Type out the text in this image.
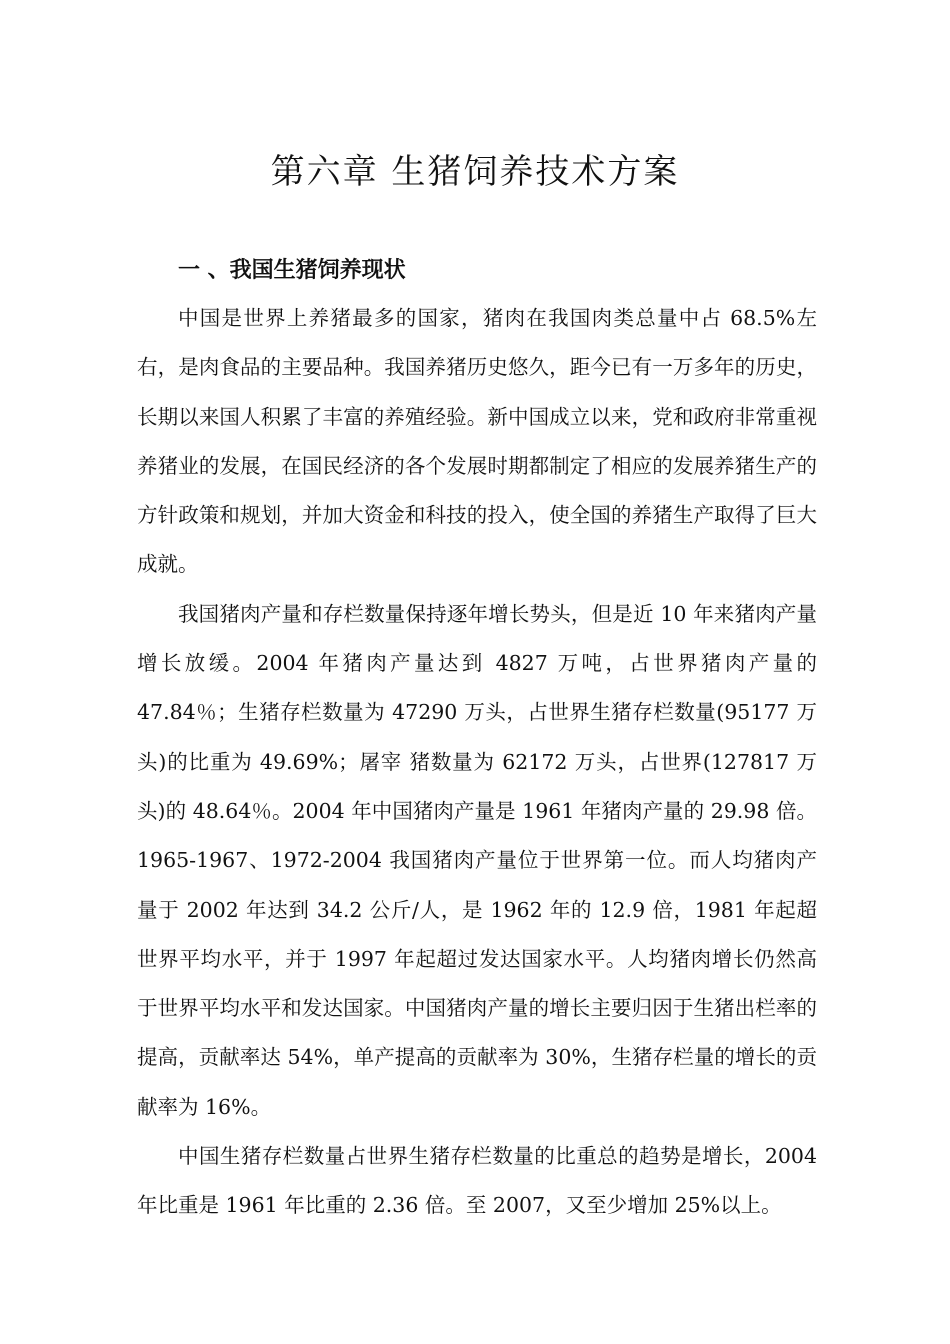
第六章 生猪饲养技术方案
一 、我国生猪饲养现状

中国是世界上养猪最多的国家，猪肉在我国肉类总量中占 68.5%左右，是肉食品的主要品种。我国养猪历史悠久，距今已有一万多年的历史，长期以来国人积累了丰富的养殖经验。新中国成立以来，党和政府非常重视养猪业的发展，在国民经济的各个发展时期都制定了相应的发展养猪生产的方针政策和规划，并加大资金和科技的投入，使全国的养猪生产取得了巨大成就。

我国猪肉产量和存栏数量保持逐年增长势头，但是近 10 年来猪肉产量增长放缓。2004 年猪肉产量达到 4827 万吨，占世界猪肉产量的 47.84％；生猪存栏数量为 47290 万头，占世界生猪存栏数量(95177 万头)的比重为 49.69%；屠宰 猪数量为 62172 万头，占世界(127817 万头)的 48.64％。2004 年中国猪肉产量是 1961 年猪肉产量的 29.98 倍。1965-1967、1972-2004 我国猪肉产量位于世界第一位。而人均猪肉产量于 2002 年达到 34.2 公斤/人，是 1962 年的 12.9 倍，1981 年起超世界平均水平，并于 1997 年起超过发达国家水平。人均猪肉增长仍然高于世界平均水平和发达国家。中国猪肉产量的增长主要归因于生猪出栏率的提高，贡献率达 54%，单产提高的贡献率为 30%，生猪存栏量的增长的贡献率为 16%。

中国生猪存栏数量占世界生猪存栏数量的比重总的趋势是增长，2004 年比重是 1961 年比重的 2.36 倍。至 2007，又至少增加 25%以上。
